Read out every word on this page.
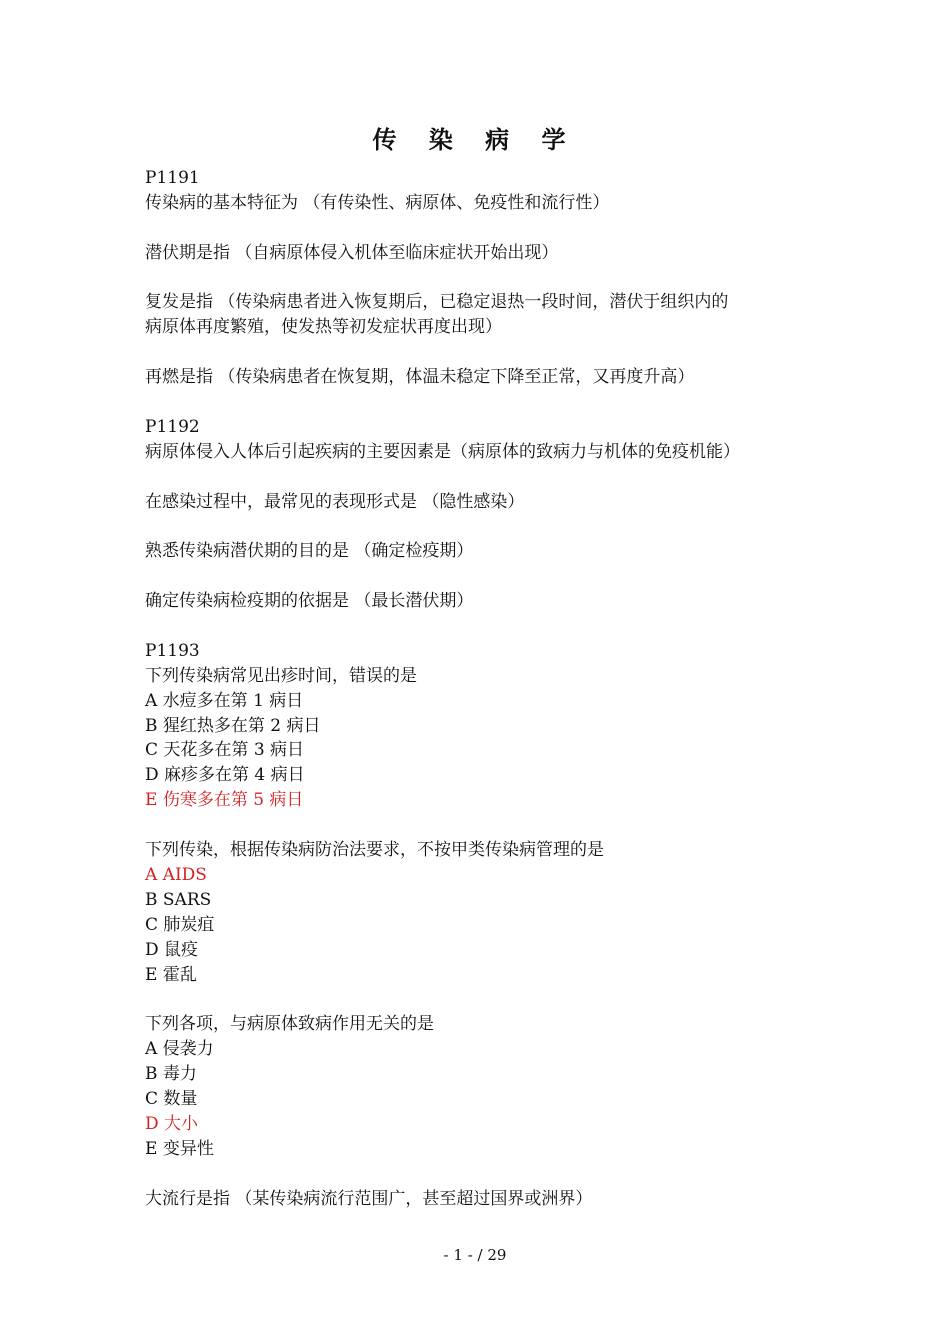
传 染 病 学
P1191
传染病的基本特征为 （有传染性、病原体、免疫性和流行性）
潜伏期是指 （自病原体侵入机体至临床症状开始出现）
复发是指 （传染病患者进入恢复期后，已稳定退热一段时间，潜伏于组织内的
病原体再度繁殖，使发热等初发症状再度出现）
再燃是指 （传染病患者在恢复期，体温未稳定下降至正常，又再度升高）
P1192
病原体侵入人体后引起疾病的主要因素是（病原体的致病力与机体的免疫机能）
在感染过程中，最常见的表现形式是 （隐性感染）
熟悉传染病潜伏期的目的是 （确定检疫期）
确定传染病检疫期的依据是 （最长潜伏期）
P1193
下列传染病常见出疹时间，错误的是
A 水痘多在第 1 病日
B 猩红热多在第 2 病日
C 天花多在第 3 病日
D 麻疹多在第 4 病日
E 伤寒多在第 5 病日
下列传染，根据传染病防治法要求，不按甲类传染病管理的是
A AIDS
B SARS
C 肺炭疽
D 鼠疫
E 霍乱
下列各项，与病原体致病作用无关的是
A 侵袭力
B 毒力
C 数量
D 大小
E 变异性
大流行是指 （某传染病流行范围广，甚至超过国界或洲界）
- 1 - / 29
